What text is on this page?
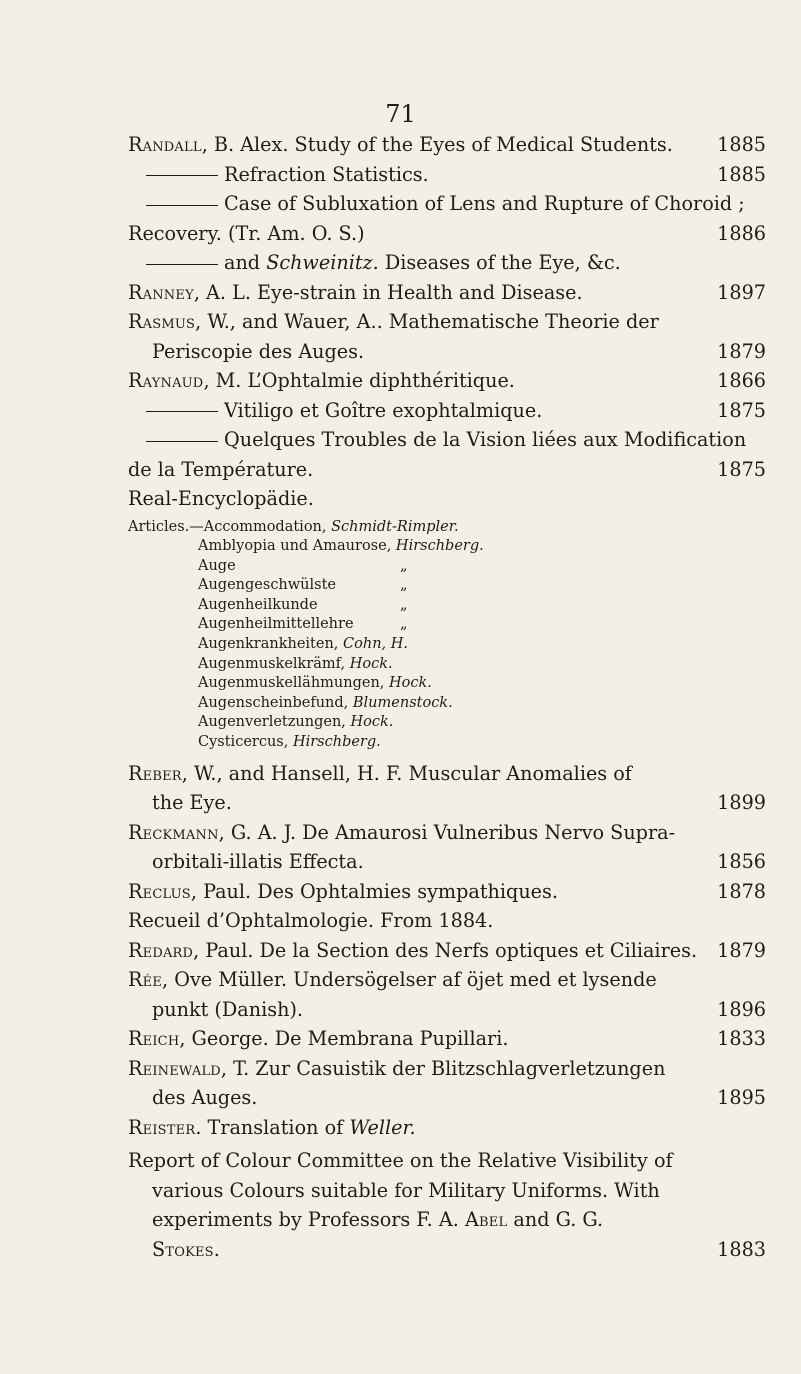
71
Randall, B. Alex. Study of the Eyes of Medical Students. 1885
Refraction Statistics.	1885
Case of Subluxation of Lens and Rupture of Choroid ;
Recovery. (Tr. Am. O. S.)	1886
and Schweinitz. Diseases of the Eye, &c.
Ranney, A. L. Eye-strain in Health and Disease.	1897
Rasmus, W., and Wauer, A.. Mathematische Theorie der
Periscopie des Auges.	1879
Raynaud, M. L’Ophtalmie diphthéritique.	1866
Vitiligo et Goître exophtalmique.	1875
Quelques Troubles de la Vision liées aux Modification
de la Température.	1875
Real-Encyclopädie.
Articles.—Accommodation, Schmidt-Rimpler.
Amblyopia und Amaurose, Hirschberg.
Auge	„
Augengeschwülste	„
Augenheilkunde	„
Augenheilmittellehre	„
Augenkrankheiten, Cohn, H.
Augenmuskelkrämf, Hock.
Augenmuskellähmungen, Hock.
Augenscheinbefund, Blumenstock.
Augenverletzungen, Hock.
Cysticercus, Hirschberg.
Reber, W., and Hansell, H. F. Muscular Anomalies of
the Eye.	1899
Reckmann, G. A. J. De Amaurosi Vulneribus Nervo Supra-
orbitali-illatis Effecta.	1856
Reclus, Paul. Des Ophtalmies sympathiques.	1878
Recueil d’Ophtalmologie. From 1884.
Redard, Paul. De la Section des Nerfs optiques et Ciliaires. 1879
Rée, Ove Müller. Undersögelser af öjet med et lysende
punkt (Danish).	1896
Reich, George. De Membrana Pupillari.	1833
Reinewald, T. Zur Casuistik der Blitzschlagverletzungen
des Auges.	1895
Reister. Translation of Weller.
Report of Colour Committee on the Relative Visibility of
various Colours suitable for Military Uniforms. With
experiments by Professors F. A. Abel and G. G.
Stokes.	1883
